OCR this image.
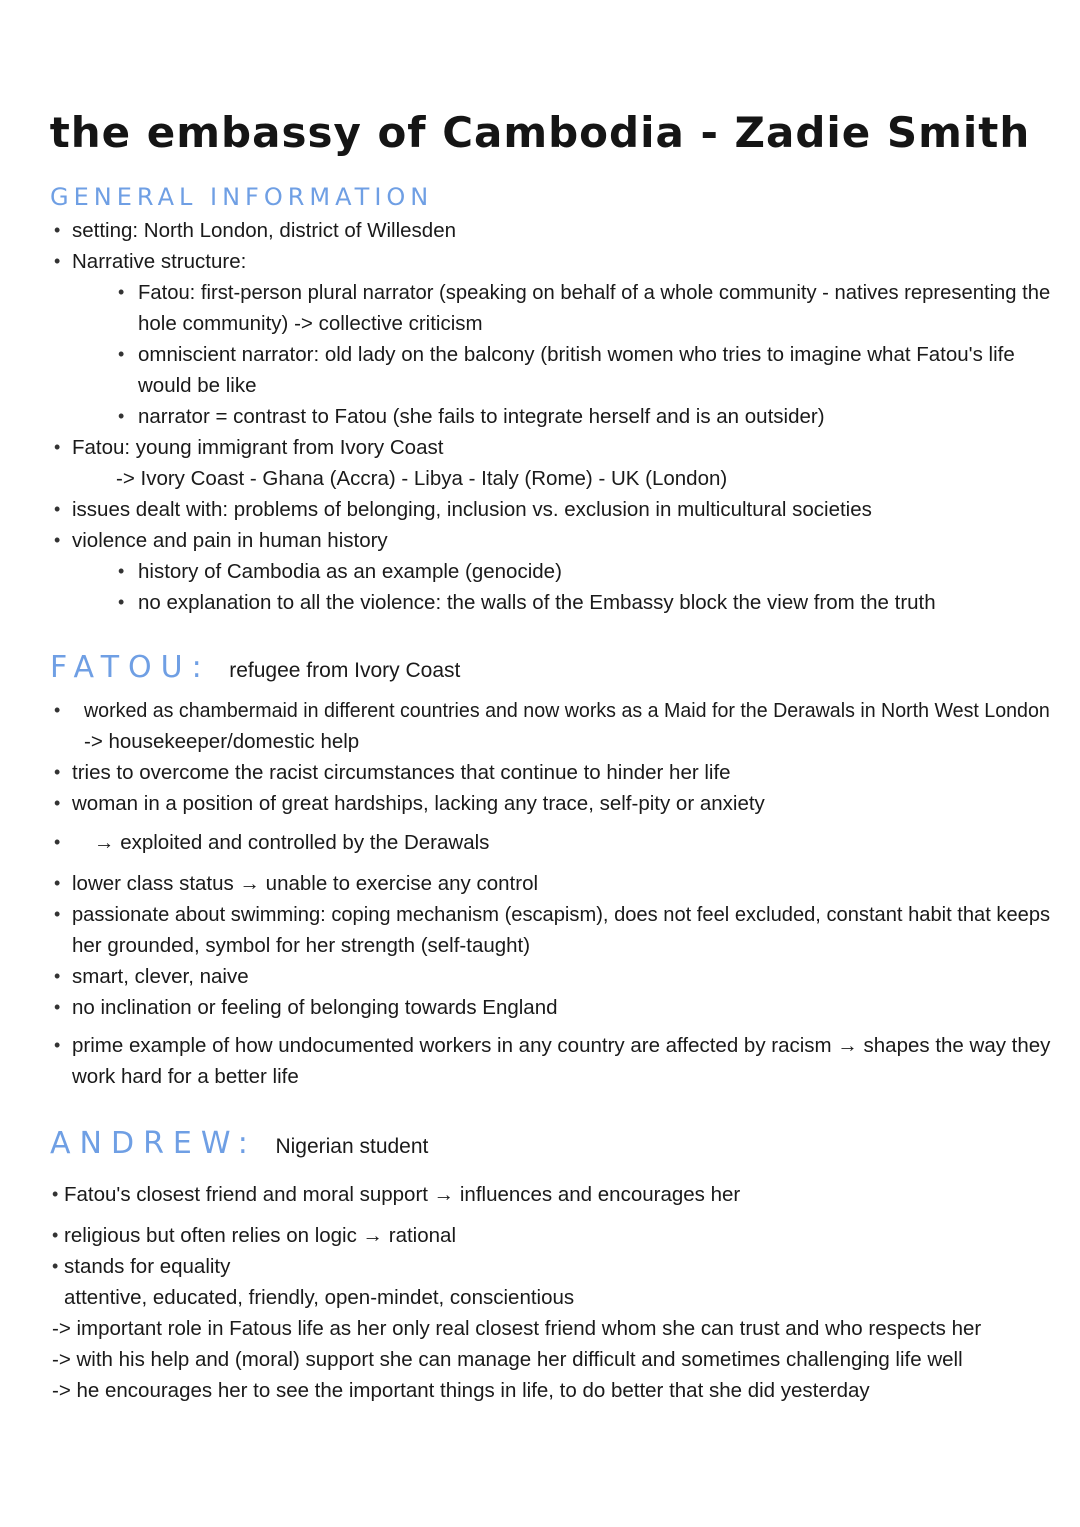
the embassy of Cambodia - Zadie Smith
GENERAL INFORMATION
• setting: North London, district of Willesden
• Narrative structure:
• Fatou: first-person plural narrator (speaking on behalf of a whole community - natives representing the
hole community) -> collective criticism
• omniscient narrator: old lady on the balcony (british women who tries to imagine what Fatou's life
would be like
• narrator = contrast to Fatou (she fails to integrate herself and is an outsider)
• Fatou: young immigrant from Ivory Coast
-> Ivory Coast - Ghana (Accra) - Libya - Italy (Rome) - UK (London)
• issues dealt with: problems of belonging, inclusion vs. exclusion in multicultural societies
• violence and pain in human history
• history of Cambodia as an example (genocide)
• no explanation to all the violence: the walls of the Embassy block the view from the truth
FATOU: refugee from Ivory Coast
• worked as chambermaid in different countries and now works as a Maid for the Derawals in North West London
-> housekeeper/domestic help
• tries to overcome the racist circumstances that continue to hinder her life
• woman in a position of great hardships, lacking any trace, self-pity or anxiety
• → exploited and controlled by the Derawals
• lower class status → unable to exercise any control
• passionate about swimming: coping mechanism (escapism), does not feel excluded, constant habit that keeps
her grounded, symbol for her strength (self-taught)
• smart, clever, naive
• no inclination or feeling of belonging towards England
• prime example of how undocumented workers in any country are affected by racism → shapes the way they
work hard for a better life
ANDREW: Nigerian student
• Fatou's closest friend and moral support → influences and encourages her
• religious but often relies on logic → rational
• stands for equality
attentive, educated, friendly, open-mindet, conscientious
-> important role in Fatous life as her only real closest friend whom she can trust and who respects her
-> with his help and (moral) support she can manage her difficult and sometimes challenging life well
-> he encourages her to see the important things in life, to do better that she did yesterday
